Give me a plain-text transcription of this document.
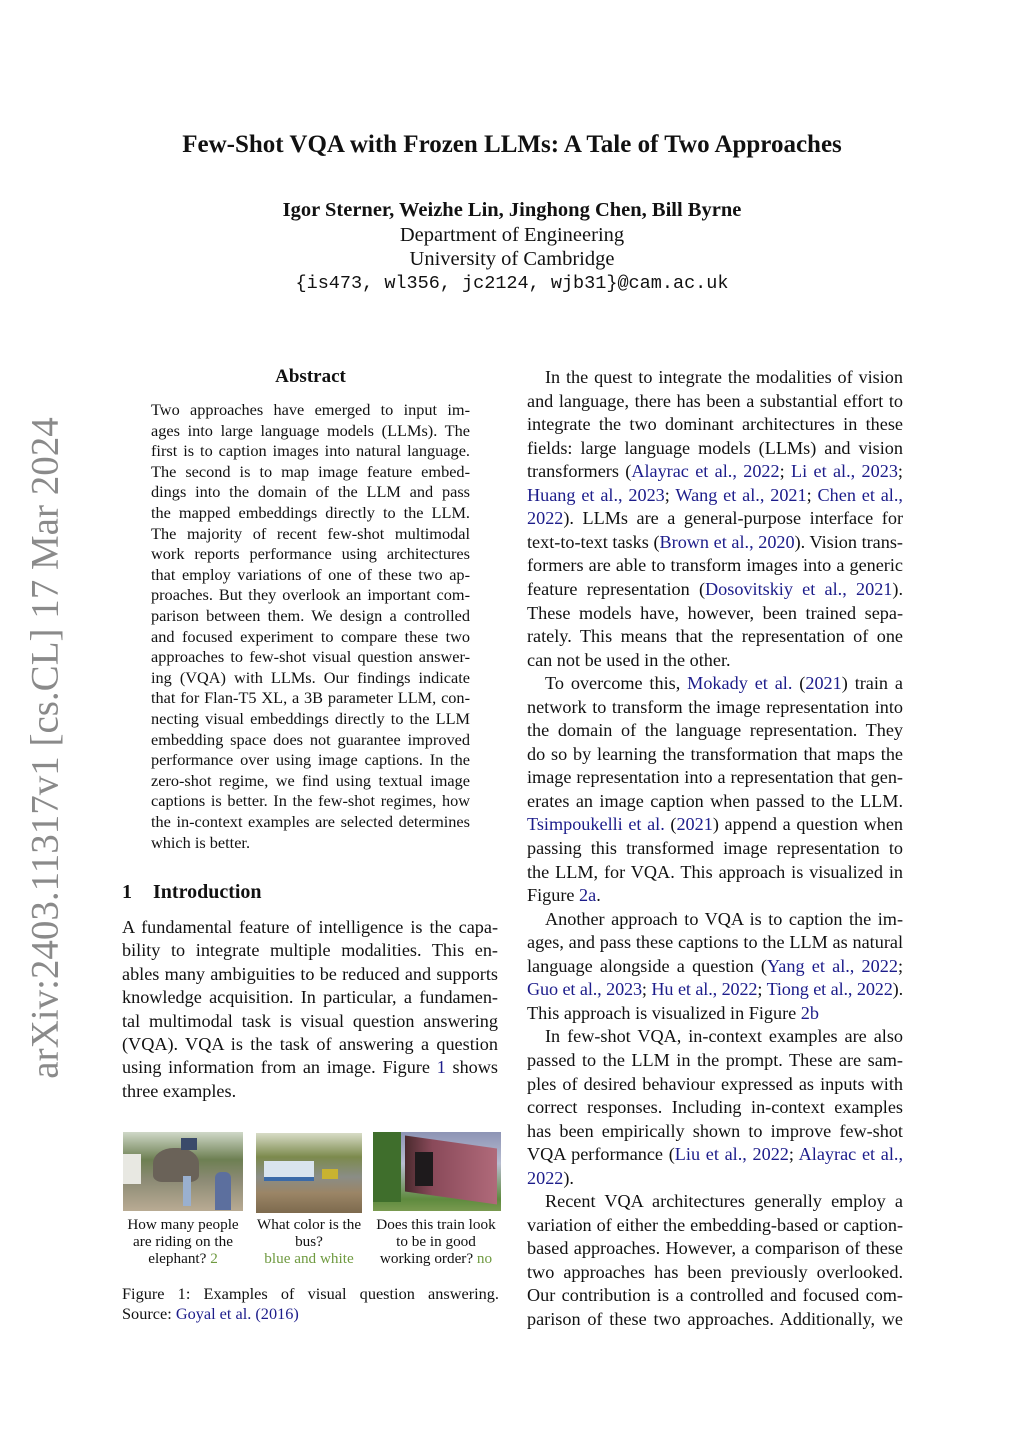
arXiv:2403.11317v1 [cs.CL] 17 Mar 2024
Few-Shot VQA with Frozen LLMs: A Tale of Two Approaches
Igor Sterner, Weizhe Lin, Jinghong Chen, Bill Byrne
Department of Engineering
University of Cambridge
{is473, wl356, jc2124, wjb31}@cam.ac.uk
Abstract
Two approaches have emerged to input im-
ages into large language models (LLMs). The
first is to caption images into natural language.
The second is to map image feature embed-
dings into the domain of the LLM and pass
the mapped embeddings directly to the LLM.
The majority of recent few-shot multimodal
work reports performance using architectures
that employ variations of one of these two ap-
proaches. But they overlook an important com-
parison between them. We design a controlled
and focused experiment to compare these two
approaches to few-shot visual question answer-
ing (VQA) with LLMs. Our findings indicate
that for Flan-T5 XL, a 3B parameter LLM, con-
necting visual embeddings directly to the LLM
embedding space does not guarantee improved
performance over using image captions. In the
zero-shot regime, we find using textual image
captions is better. In the few-shot regimes, how
the in-context examples are selected determines
which is better.
1 Introduction
A fundamental feature of intelligence is the capa-
bility to integrate multiple modalities. This en-
ables many ambiguities to be reduced and supports
knowledge acquisition. In particular, a fundamen-
tal multimodal task is visual question answering
(VQA). VQA is the task of answering a question
using information from an image. Figure 1 shows
three examples.
In the quest to integrate the modalities of vision
and language, there has been a substantial effort to
integrate the two dominant architectures in these
fields: large language models (LLMs) and vision
transformers (Alayrac et al., 2022; Li et al., 2023;
Huang et al., 2023; Wang et al., 2021; Chen et al.,
2022). LLMs are a general-purpose interface for
text-to-text tasks (Brown et al., 2020). Vision trans-
formers are able to transform images into a generic
feature representation (Dosovitskiy et al., 2021).
These models have, however, been trained sepa-
rately. This means that the representation of one
can not be used in the other.
To overcome this, Mokady et al. (2021) train a
network to transform the image representation into
the domain of the language representation. They
do so by learning the transformation that maps the
image representation into a representation that gen-
erates an image caption when passed to the LLM.
Tsimpoukelli et al. (2021) append a question when
passing this transformed image representation to
the LLM, for VQA. This approach is visualized in
Figure 2a.
Another approach to VQA is to caption the im-
ages, and pass these captions to the LLM as natural
language alongside a question (Yang et al., 2022;
Guo et al., 2023; Hu et al., 2022; Tiong et al., 2022).
This approach is visualized in Figure 2b
In few-shot VQA, in-context examples are also
passed to the LLM in the prompt. These are sam-
ples of desired behaviour expressed as inputs with
correct responses. Including in-context examples
has been empirically shown to improve few-shot
VQA performance (Liu et al., 2022; Alayrac et al.,
2022).
Recent VQA architectures generally employ a
variation of either the embedding-based or caption-
based approaches. However, a comparison of these
two approaches has been previously overlooked.
Our contribution is a controlled and focused com-
parison of these two approaches. Additionally, we
How many people
are riding on the
elephant? 2
What color is the
bus?
blue and white
Does this train look
to be in good
working order? no
Figure 1: Examples of visual question answering.
Source: Goyal et al. (2016)
